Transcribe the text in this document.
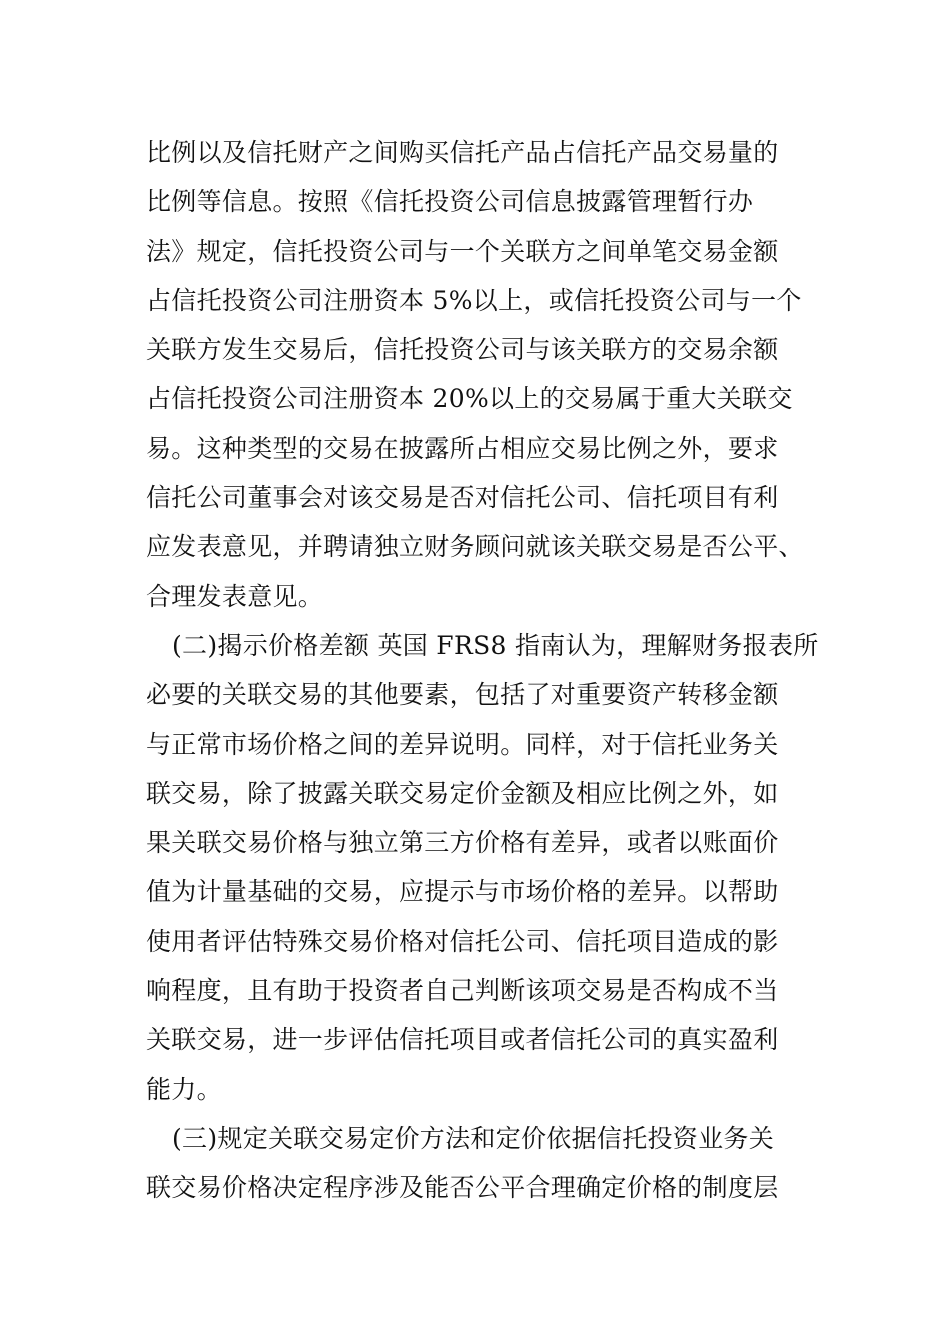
比例以及信托财产之间购买信托产品占信托产品交易量的
比例等信息。按照《信托投资公司信息披露管理暂行办
法》规定，信托投资公司与一个关联方之间单笔交易金额
占信托投资公司注册资本 5%以上，或信托投资公司与一个
关联方发生交易后，信托投资公司与该关联方的交易余额
占信托投资公司注册资本 20%以上的交易属于重大关联交
易。这种类型的交易在披露所占相应交易比例之外，要求
信托公司董事会对该交易是否对信托公司、信托项目有利
应发表意见，并聘请独立财务顾问就该关联交易是否公平、
合理发表意见。
(二)揭示价格差额 英国 FRS8 指南认为，理解财务报表所
必要的关联交易的其他要素，包括了对重要资产转移金额
与正常市场价格之间的差异说明。同样，对于信托业务关
联交易，除了披露关联交易定价金额及相应比例之外，如
果关联交易价格与独立第三方价格有差异，或者以账面价
值为计量基础的交易，应提示与市场价格的差异。以帮助
使用者评估特殊交易价格对信托公司、信托项目造成的影
响程度，且有助于投资者自己判断该项交易是否构成不当
关联交易，进一步评估信托项目或者信托公司的真实盈利
能力。
(三)规定关联交易定价方法和定价依据信托投资业务关
联交易价格决定程序涉及能否公平合理确定价格的制度层
